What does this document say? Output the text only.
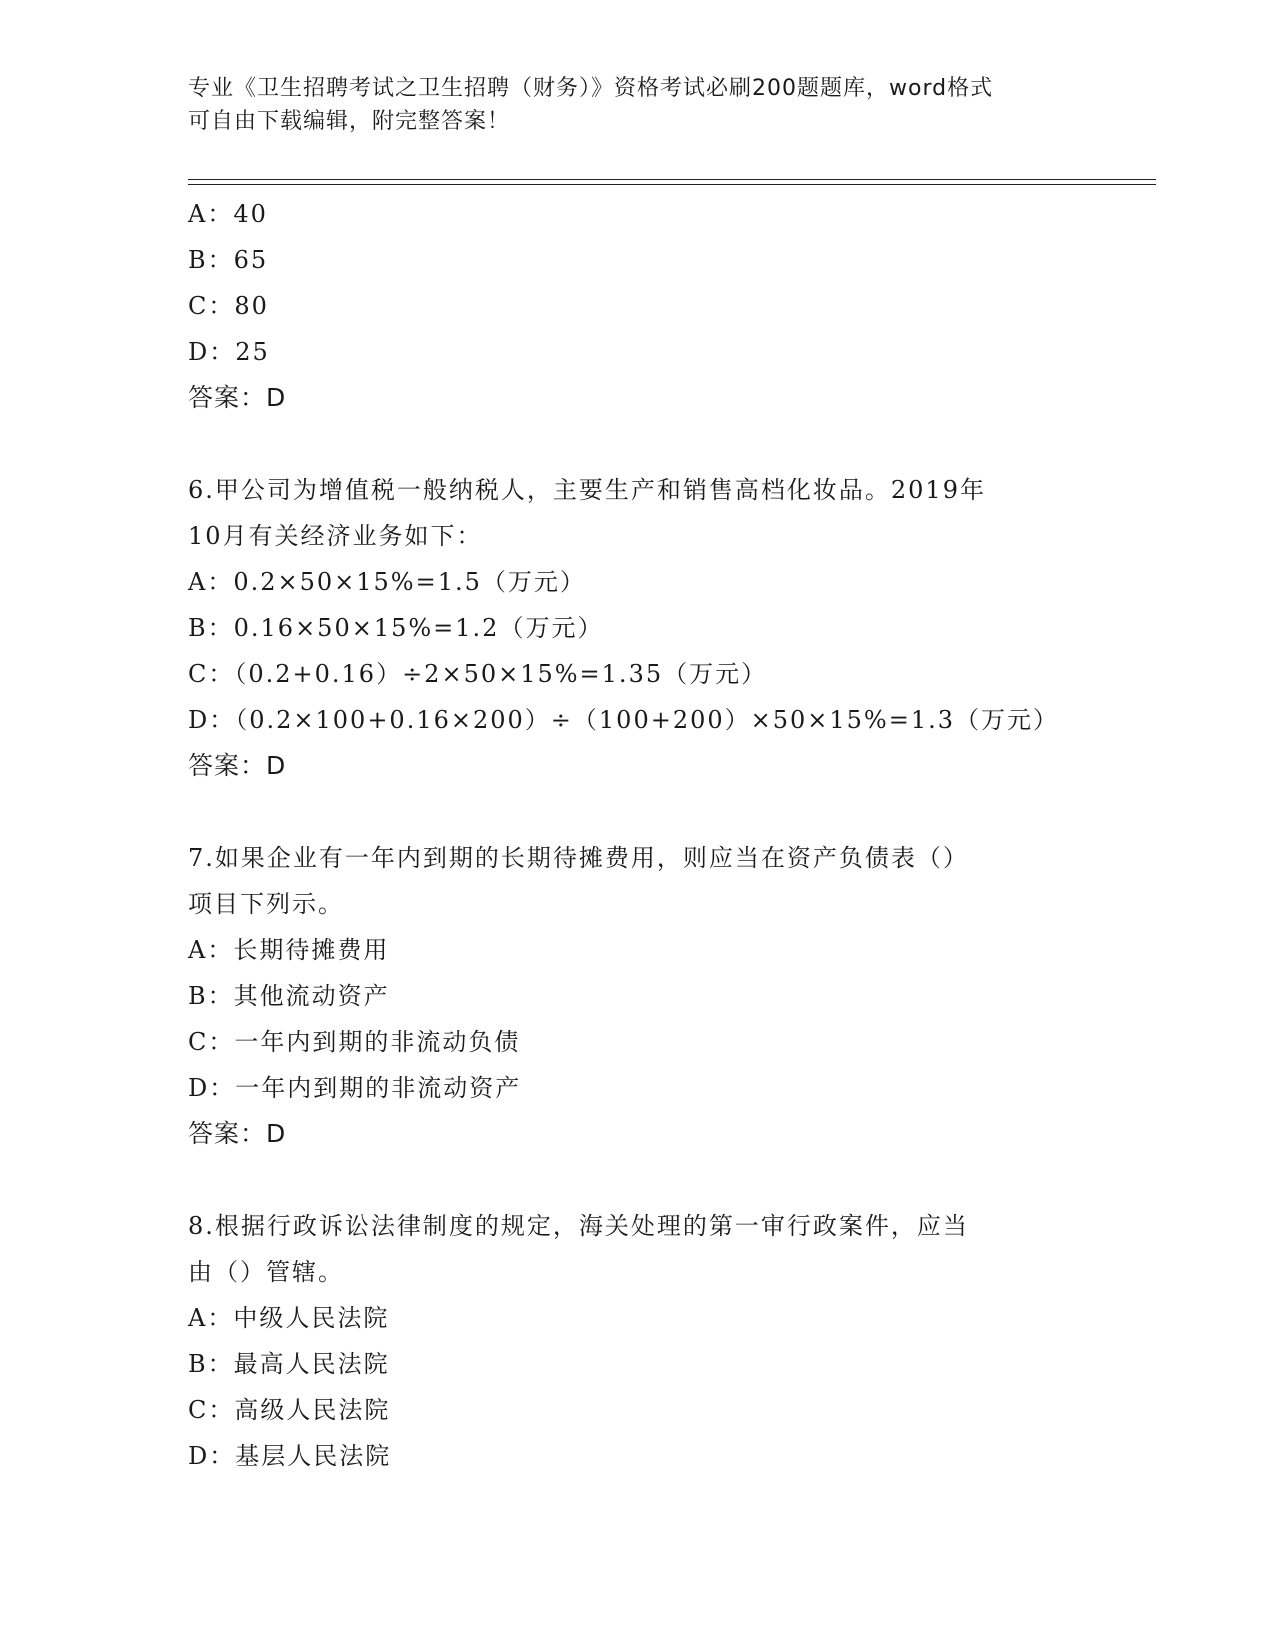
专业《卫生招聘考试之卫生招聘（财务）》资格考试必刷200题题库，word格式
可自由下载编辑，附完整答案！
A：40
B：65
C：80
D：25
答案：D
6.甲公司为增值税一般纳税人，主要生产和销售高档化妆品。2019年
10月有关经济业务如下：
A：0.2×50×15%=1.5（万元）
B：0.16×50×15%=1.2（万元）
C：（0.2+0.16）÷2×50×15%=1.35（万元）
D：（0.2×100+0.16×200）÷（100+200）×50×15%=1.3（万元）
答案：D
7.如果企业有一年内到期的长期待摊费用，则应当在资产负债表（）
项目下列示。
A：长期待摊费用
B：其他流动资产
C：一年内到期的非流动负债
D：一年内到期的非流动资产
答案：D
8.根据行政诉讼法律制度的规定，海关处理的第一审行政案件，应当
由（）管辖。
A：中级人民法院
B：最高人民法院
C：高级人民法院
D：基层人民法院
